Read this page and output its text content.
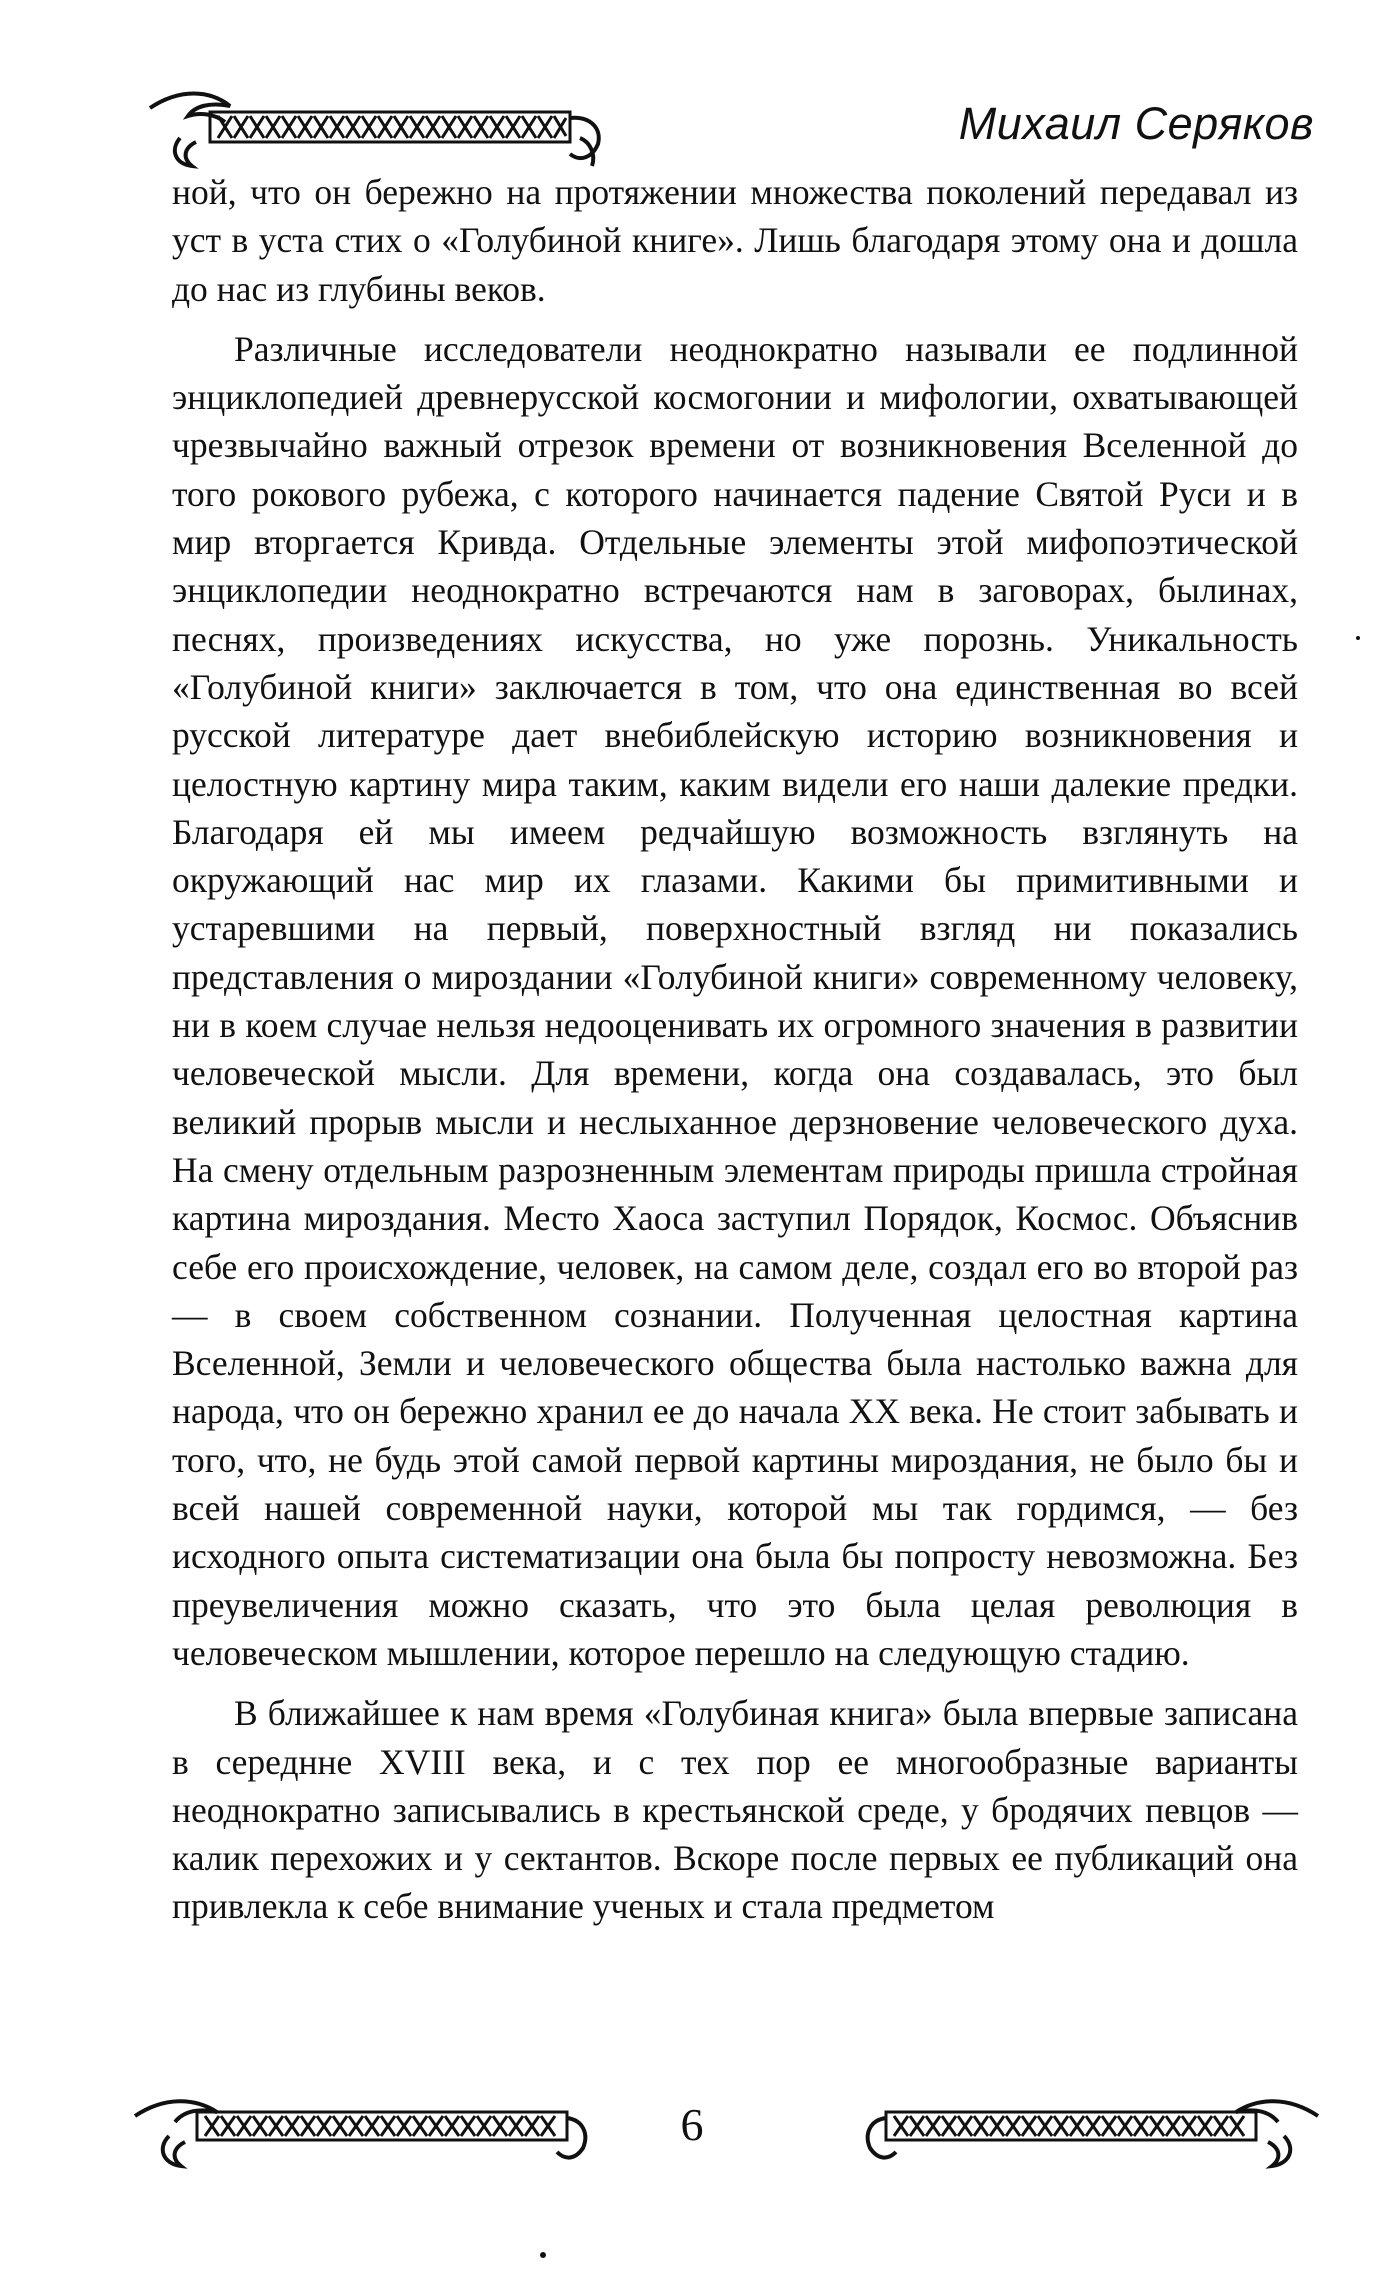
Михаил Серяков

ной, что он бережно на протяжении множества поколений передавал из уст в уста стих о «Голубиной книге». Лишь благодаря этому она и дошла до нас из глубины веков.

Различные исследователи неоднократно называли ее подлинной энциклопедией древнерусской космогонии и мифологии, охватывающей чрезвычайно важный отрезок времени от возникновения Вселенной до того рокового рубежа, с которого начинается падение Святой Руси и в мир вторгается Кривда. Отдельные элементы этой мифопоэтической энциклопедии неоднократно встречаются нам в заговорах, былинах, песнях, произведениях искусства, но уже порознь. Уникальность «Голубиной книги» заключается в том, что она единственная во всей русской литературе дает внебиблейскую историю возникновения и целостную картину мира таким, каким видели его наши далекие предки. Благодаря ей мы имеем редчайшую возможность взглянуть на окружающий нас мир их глазами. Какими бы примитивными и устаревшими на первый, поверхностный взгляд ни показались представления о мироздании «Голубиной книги» современному человеку, ни в коем случае нельзя недооценивать их огромного значения в развитии человеческой мысли. Для времени, когда она создавалась, это был великий прорыв мысли и неслыханное дерзновение человеческого духа. На смену отдельным разрозненным элементам природы пришла стройная картина мироздания. Место Хаоса заступил Порядок, Космос. Объяснив себе его происхождение, человек, на самом деле, создал его во второй раз — в своем собственном сознании. Полученная целостная картина Вселенной, Земли и человеческого общества была настолько важна для народа, что он бережно хранил ее до начала XX века. Не стоит забывать и того, что, не будь этой самой первой картины мироздания, не было бы и всей нашей современной науки, которой мы так гордимся, — без исходного опыта систематизации она была бы попросту невозможна. Без преувеличения можно сказать, что это была целая революция в человеческом мышлении, которое перешло на следующую стадию.

В ближайшее к нам время «Голубиная книга» была впервые записана в середнне XVIII века, и с тех пор ее многообразные варианты неоднократно записывались в крестьянской среде, у бродячих певцов — калик перехожих и у сектантов. Вскоре после первых ее публикаций она привлекла к себе внимание ученых и стала предметом

6
